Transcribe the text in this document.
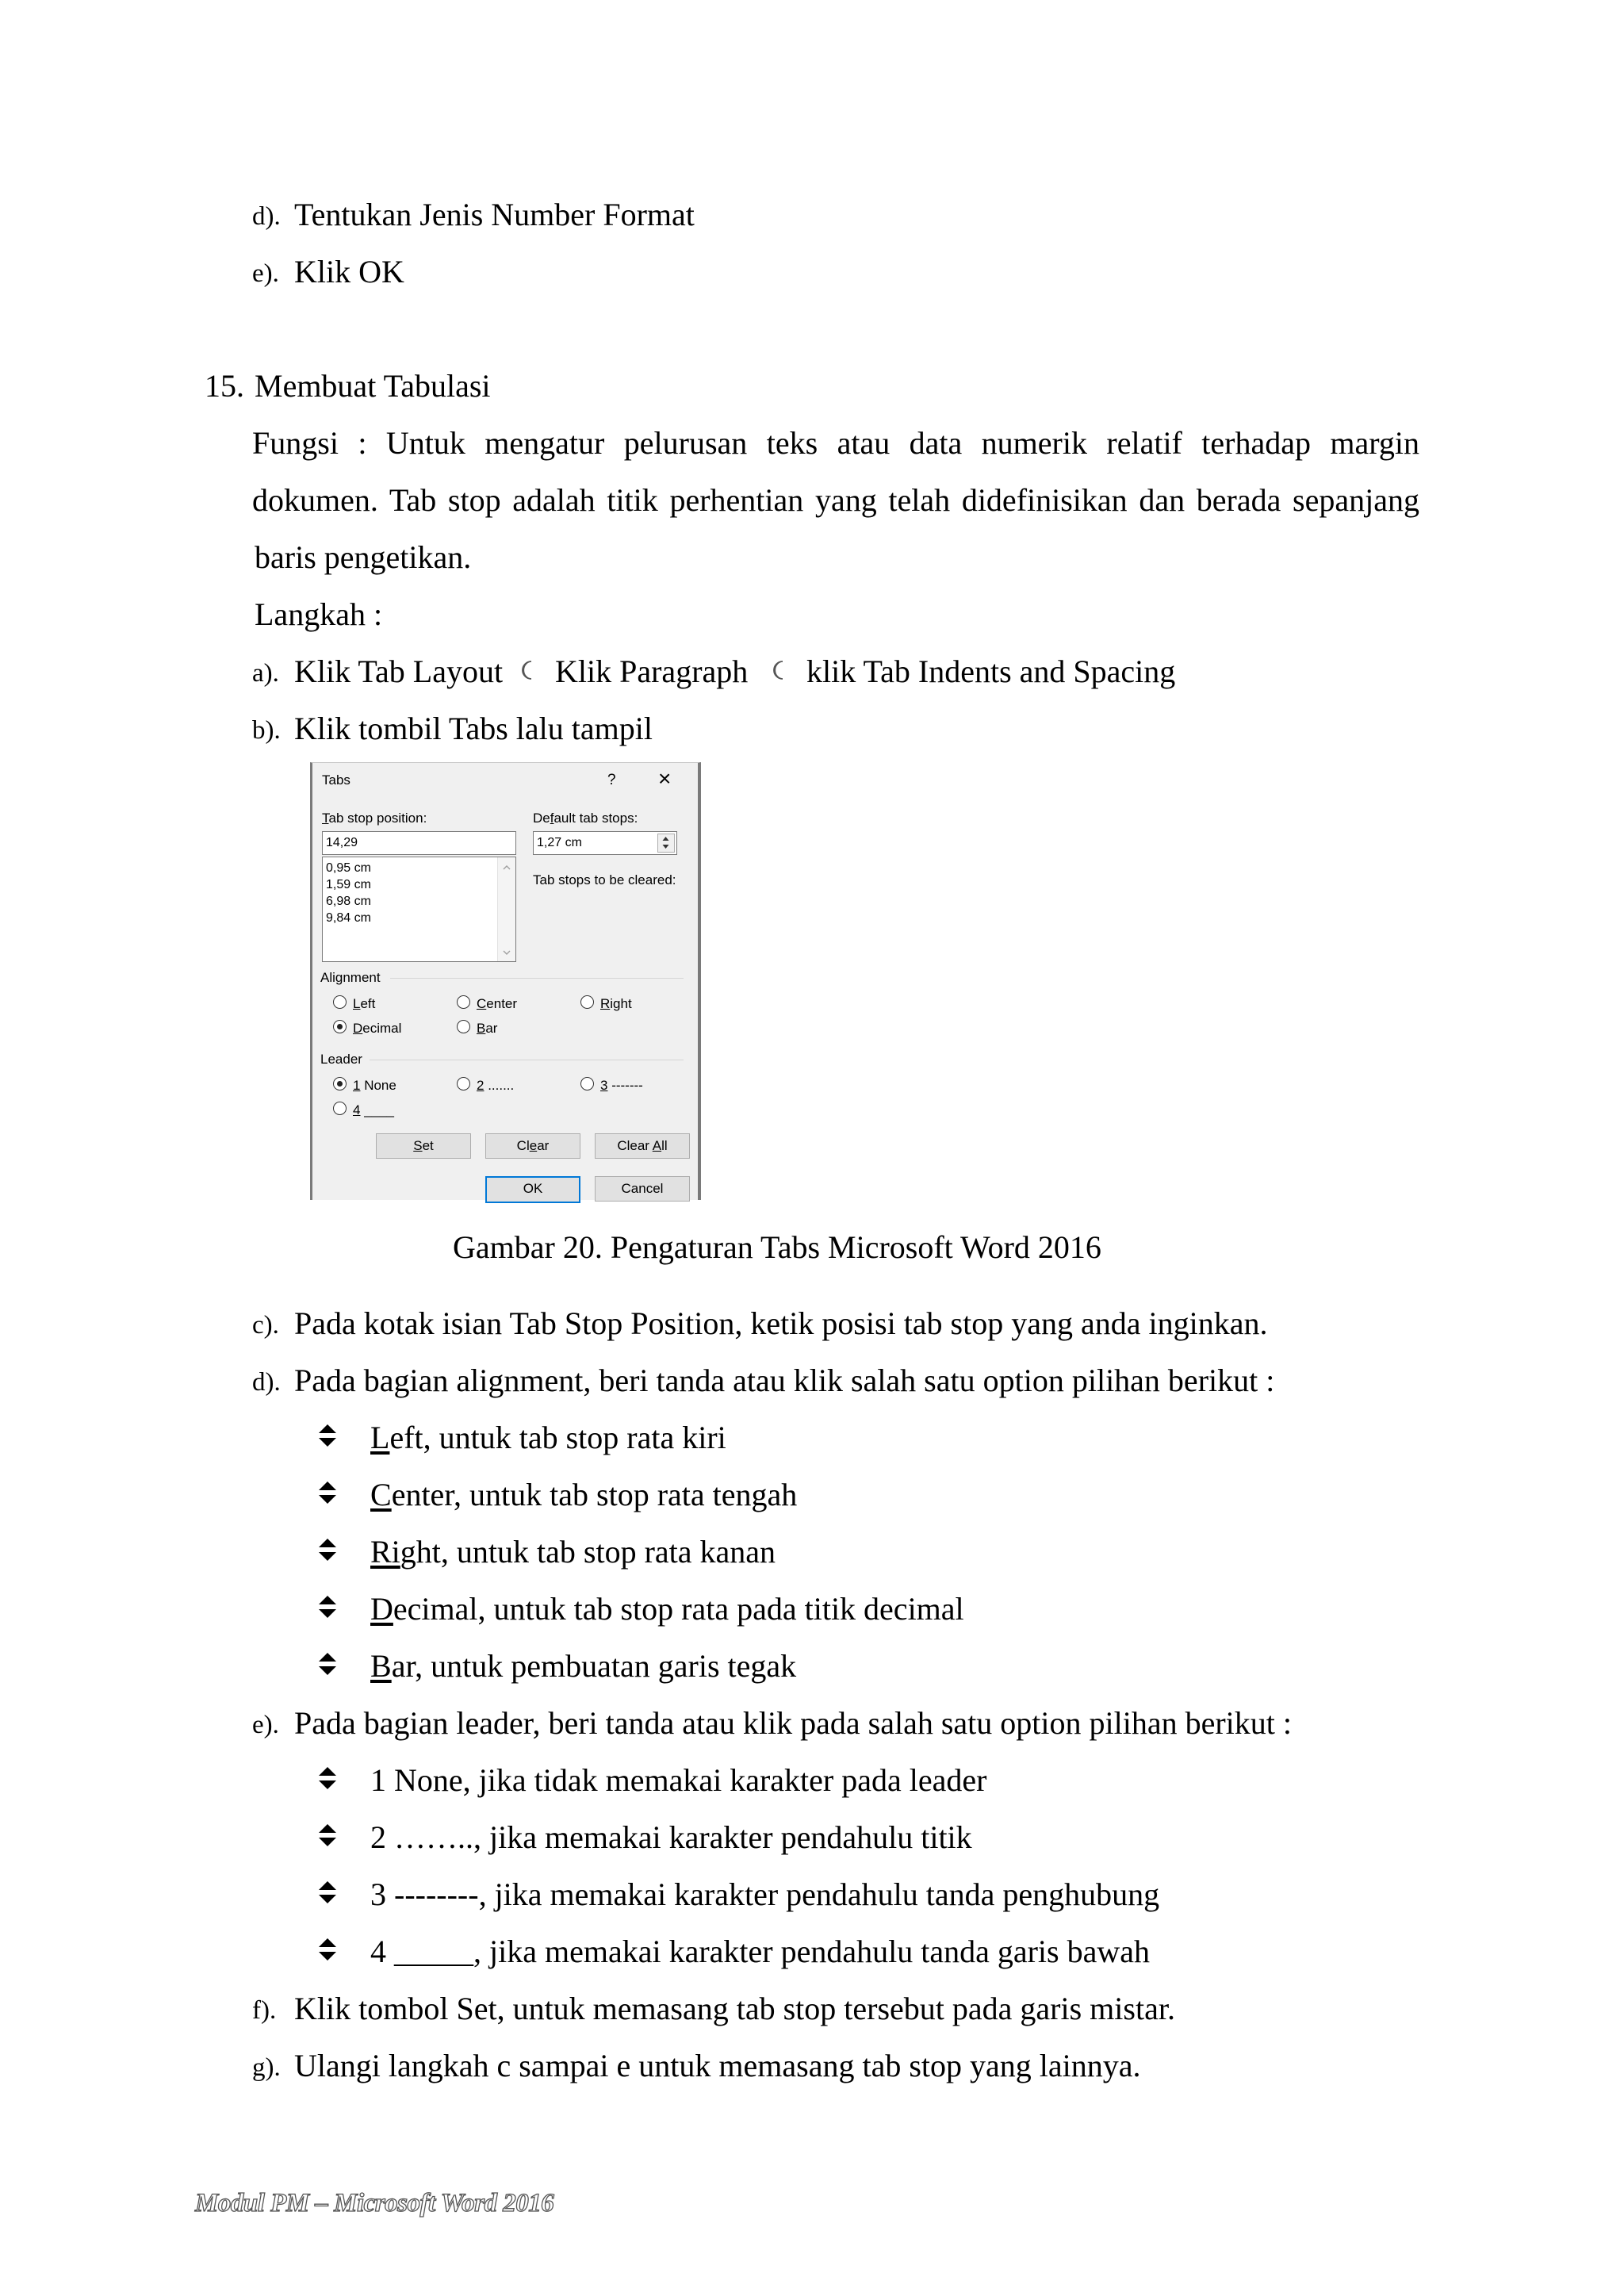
d). Tentukan Jenis Number Format
e). Klik OK
15. Membuat Tabulasi
Fungsi : Untuk mengatur pelurusan teks atau data numerik relatif terhadap margin
dokumen. Tab stop adalah titik perhentian yang telah didefinisikan dan berada sepanjang
baris pengetikan.
Langkah :
a). Klik Tab Layout Klik Paragraph klik Tab Indents and Spacing
b). Klik tombil Tabs lalu tampil
Tabs	? ×
Tab stop position:
14,29
0,95 cm
1,59 cm
6,98 cm
9,84 cm
Default tab stops:
1,27 cm
Tab stops to be cleared:
Alignment
Left	Center	Right
Decimal	Bar
Leader
1 None	2 .......	3 -------
4 ____
Set	Clear	Clear All
OK	Cancel
Gambar 20. Pengaturan Tabs Microsoft Word 2016
c). Pada kotak isian Tab Stop Position, ketik posisi tab stop yang anda inginkan.
d). Pada bagian alignment, beri tanda atau klik salah satu option pilihan berikut :
Left, untuk tab stop rata kiri
Center, untuk tab stop rata tengah
Right, untuk tab stop rata kanan
Decimal, untuk tab stop rata pada titik decimal
Bar, untuk pembuatan garis tegak
e). Pada bagian leader, beri tanda atau klik pada salah satu option pilihan berikut :
1 None, jika tidak memakai karakter pada leader
2 …….., jika memakai karakter pendahulu titik
3 --------, jika memakai karakter pendahulu tanda penghubung
4 _____, jika memakai karakter pendahulu tanda garis bawah
f). Klik tombol Set, untuk memasang tab stop tersebut pada garis mistar.
g). Ulangi langkah c sampai e untuk memasang tab stop yang lainnya.
Modul PM – Microsoft Word 2016
